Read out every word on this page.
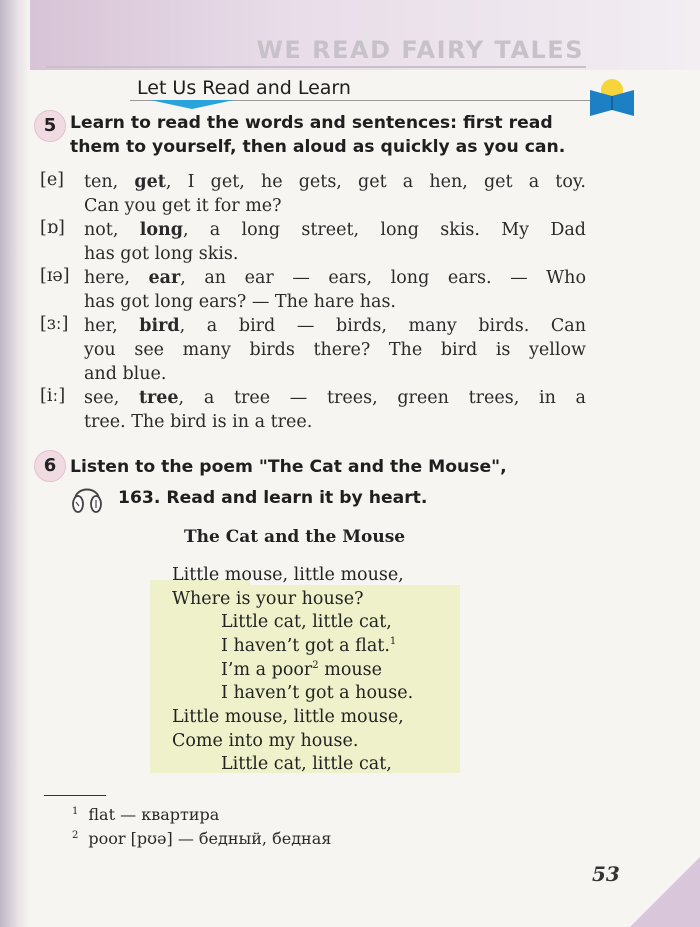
WE READ FAIRY TALES
Let Us Read and Learn
5 Learn to read the words and sentences: first read
them to yourself, then aloud as quickly as you can.
[e] ten, get, I get, he gets, get a hen, get a toy.
Can you get it for me?
[ɒ] not, long, a long street, long skis. My Dad
has got long skis.
[ɪə] here, ear, an ear — ears, long ears. — Who
has got long ears? — The hare has.
[ɜː] her, bird, a bird — birds, many birds. Can
you see many birds there? The bird is yellow
and blue.
[iː] see, tree, a tree — trees, green trees, in a
tree. The bird is in a tree.
6 Listen to the poem "The Cat and the Mouse",
163. Read and learn it by heart.
The Cat and the Mouse
Little mouse, little mouse,
Where is your house?
Little cat, little cat,
I haven’t got a flat.$^1$
I’m a poor$^2$ mouse
I haven’t got a house.
Little mouse, little mouse,
Come into my house.
Little cat, little cat,
$^1$ flat — квартира
$^2$ poor [pʊə] — бедный, бедная
53
